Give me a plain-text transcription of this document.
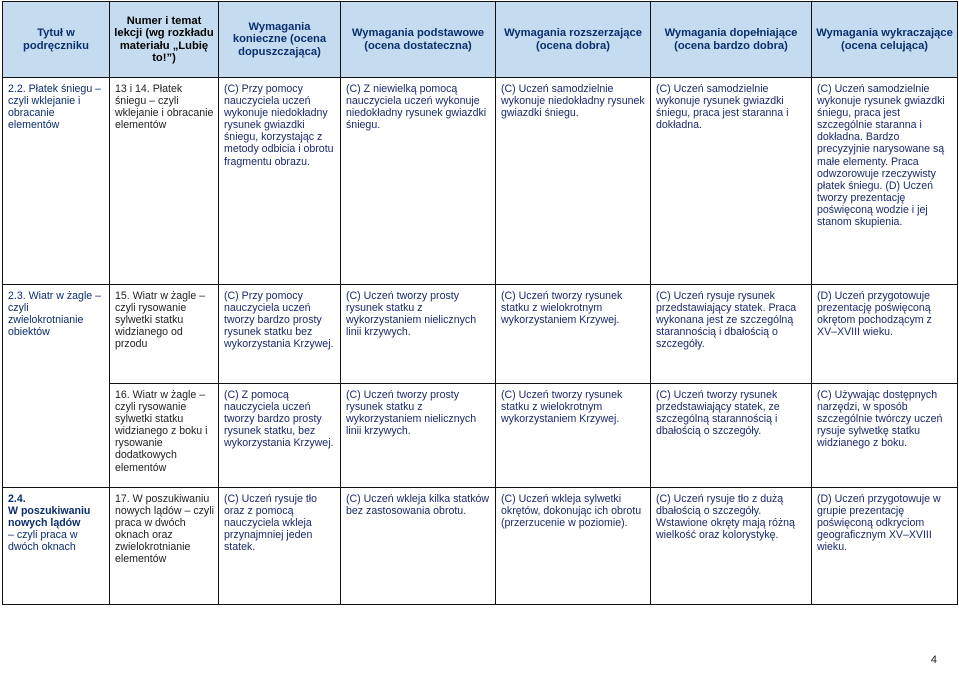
Tytuł w podręczniku	Numer i temat lekcji (wg rozkładu materiału „Lubię to!”)	Wymagania konieczne (ocena dopuszczająca)	Wymagania podstawowe (ocena dostateczna)	Wymagania rozszerzające (ocena dobra)	Wymagania dopełniające (ocena bardzo dobra)	Wymagania wykraczające (ocena celująca)
2.2. Płatek śniegu – czyli wklejanie i obracanie elementów	13 i 14. Płatek śniegu – czyli wklejanie i obracanie elementów	(C) Przy pomocy nauczyciela uczeń wykonuje niedokładny rysunek gwiazdki śniegu, korzystając z metody odbicia i obrotu fragmentu obrazu.	(C) Z niewielką pomocą nauczyciela uczeń wykonuje niedokładny rysunek gwiazdki śniegu.	(C) Uczeń samodzielnie wykonuje niedokładny rysunek gwiazdki śniegu.	(C) Uczeń samodzielnie wykonuje rysunek gwiazdki śniegu, praca jest staranna i dokładna.	(C) Uczeń samodzielnie wykonuje rysunek gwiazdki śniegu, praca jest szczególnie staranna i dokładna. Bardzo precyzyjnie narysowane są małe elementy. Praca odwzorowuje rzeczywisty płatek śniegu. (D) Uczeń tworzy prezentację poświęconą wodzie i jej stanom skupienia.
2.3. Wiatr w żagle – czyli zwielokrotnianie obiektów	15. Wiatr w żagle – czyli rysowanie sylwetki statku widzianego od przodu	(C) Przy pomocy nauczyciela uczeń tworzy bardzo prosty rysunek statku bez wykorzystania Krzywej.	(C) Uczeń tworzy prosty rysunek statku z wykorzystaniem nielicznych linii krzywych.	(C) Uczeń tworzy rysunek statku z wielokrotnym wykorzystaniem Krzywej.	(C) Uczeń rysuje rysunek przedstawiający statek. Praca wykonana jest ze szczególną starannością i dbałością o szczegóły.	(D) Uczeń przygotowuje prezentację poświęconą okrętom pochodzącym z XV–XVIII wieku.
	16. Wiatr w żagle – czyli rysowanie sylwetki statku widzianego z boku i rysowanie dodatkowych elementów	(C) Z pomocą nauczyciela uczeń tworzy bardzo prosty rysunek statku, bez wykorzystania Krzywej.	(C) Uczeń tworzy prosty rysunek statku z wykorzystaniem nielicznych linii krzywych.	(C) Uczeń tworzy rysunek statku z wielokrotnym wykorzystaniem Krzywej.	(C) Uczeń tworzy rysunek przedstawiający statek, ze szczególną starannością i dbałością o szczegóły.	(C) Używając dostępnych narzędzi, w sposób szczególnie twórczy uczeń rysuje sylwetkę statku widzianego z boku.
2.4.
W poszukiwaniu nowych lądów
– czyli praca w dwóch oknach	17. W poszukiwaniu nowych lądów – czyli praca w dwóch oknach oraz zwielokrotnianie elementów	(C) Uczeń rysuje tło oraz z pomocą nauczyciela wkleja przynajmniej jeden statek.	(C) Uczeń wkleja kilka statków bez zastosowania obrotu.	(C) Uczeń wkleja sylwetki okrętów, dokonując ich obrotu (przerzucenie w poziomie).	(C) Uczeń rysuje tło z dużą dbałością o szczegóły. Wstawione okręty mają różną wielkość oraz kolorystykę.	(D) Uczeń przygotowuje w grupie prezentację poświęconą odkryciom geograficznym XV–XVIII wieku.
4
